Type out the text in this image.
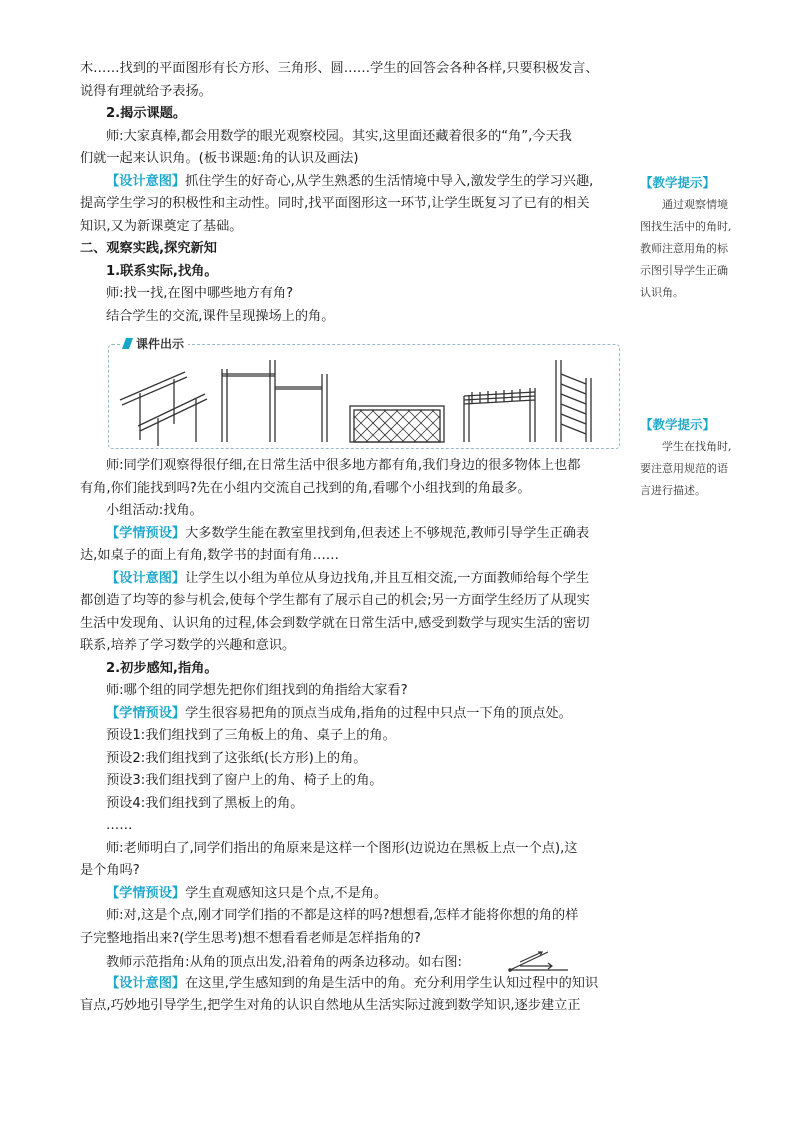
木……找到的平面图形有长方形、三角形、圆……学生的回答会各种各样,只要积极发言、
说得有理就给予表扬。
2.揭示课题。
师:大家真棒,都会用数学的眼光观察校园。其实,这里面还藏着很多的“角”,今天我
们就一起来认识角。(板书课题:角的认识及画法)
【设计意图】抓住学生的好奇心,从学生熟悉的生活情境中导入,激发学生的学习兴趣,
提高学生学习的积极性和主动性。同时,找平面图形这一环节,让学生既复习了已有的相关
知识,又为新课奠定了基础。
二、观察实践,探究新知
1.联系实际,找角。
师:找一找,在图中哪些地方有角?
结合学生的交流,课件呈现操场上的角。
课件出示
师:同学们观察得很仔细,在日常生活中很多地方都有角,我们身边的很多物体上也都
有角,你们能找到吗?先在小组内交流自己找到的角,看哪个小组找到的角最多。
小组活动:找角。
【学情预设】大多数学生能在教室里找到角,但表述上不够规范,教师引导学生正确表
达,如桌子的面上有角,数学书的封面有角……
【设计意图】让学生以小组为单位从身边找角,并且互相交流,一方面教师给每个学生
都创造了均等的参与机会,使每个学生都有了展示自己的机会;另一方面学生经历了从现实
生活中发现角、认识角的过程,体会到数学就在日常生活中,感受到数学与现实生活的密切
联系,培养了学习数学的兴趣和意识。
2.初步感知,指角。
师:哪个组的同学想先把你们组找到的角指给大家看?
【学情预设】学生很容易把角的顶点当成角,指角的过程中只点一下角的顶点处。
预设1:我们组找到了三角板上的角、桌子上的角。
预设2:我们组找到了这张纸(长方形)上的角。
预设3:我们组找到了窗户上的角、椅子上的角。
预设4:我们组找到了黑板上的角。
……
师:老师明白了,同学们指出的角原来是这样一个图形(边说边在黑板上点一个点),这
是个角吗?
【学情预设】学生直观感知这只是个点,不是角。
师:对,这是个点,刚才同学们指的不都是这样的吗?想想看,怎样才能将你想的角的样
子完整地指出来?(学生思考)想不想看看老师是怎样指角的?
教师示范指角:从角的顶点出发,沿着角的两条边移动。如右图:
【设计意图】在这里,学生感知到的角是生活中的角。充分利用学生认知过程中的知识
盲点,巧妙地引导学生,把学生对角的认识自然地从生活实际过渡到数学知识,逐步建立正
【教学提示】
通过观察情境
图找生活中的角时,
教师注意用角的标
示图引导学生正确
认识角。
【教学提示】
学生在找角时,
要注意用规范的语
言进行描述。
